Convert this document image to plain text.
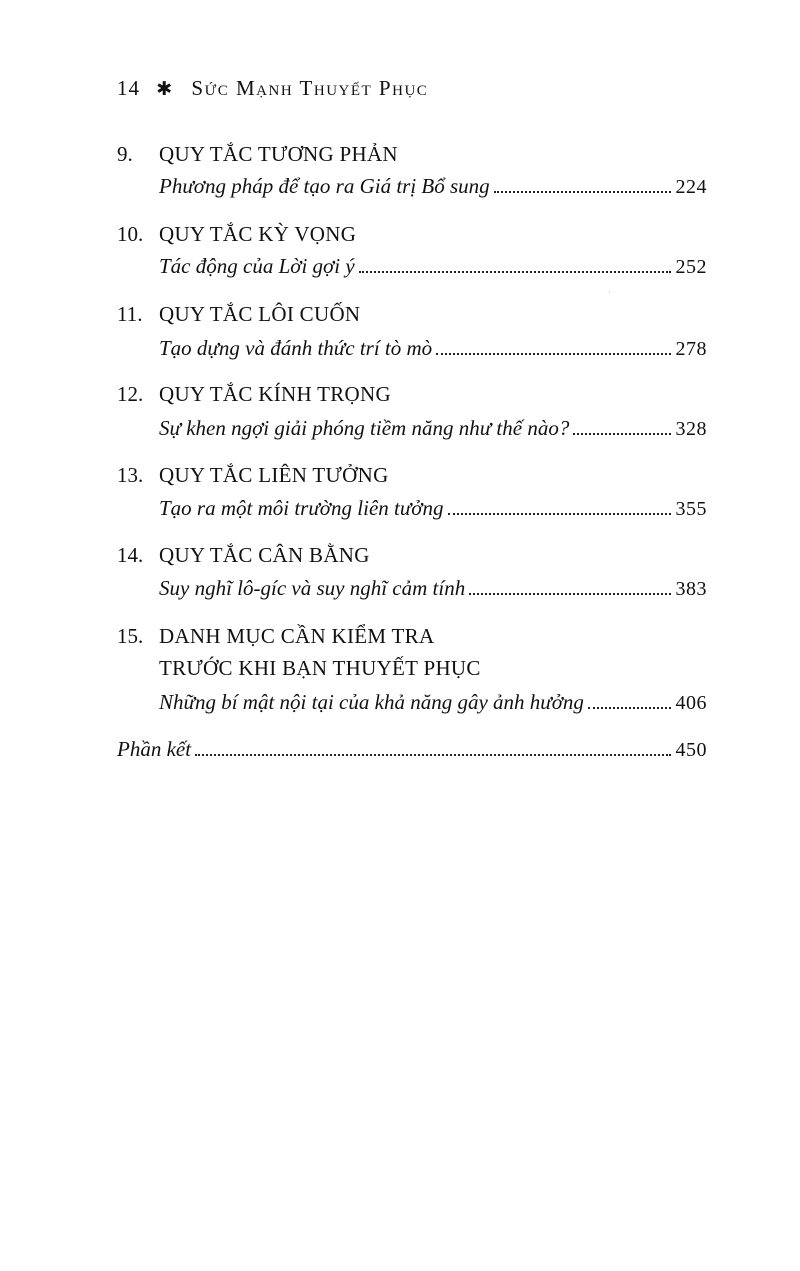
14 ✱ Sức Mạnh Thuyết Phục
9. QUY TẮC TƯƠNG PHẢN
Phương pháp để tạo ra Giá trị Bổ sung	224
10. QUY TẮC KỲ VỌNG
Tác động của Lời gợi ý	252
11. QUY TẮC LÔI CUỐN
Tạo dựng và đánh thức trí tò mò	278
12. QUY TẮC KÍNH TRỌNG
Sự khen ngợi giải phóng tiềm năng như thế nào?	328
13. QUY TẮC LIÊN TƯỞNG
Tạo ra một môi trường liên tưởng	355
14. QUY TẮC CÂN BẰNG
Suy nghĩ lô-gíc và suy nghĩ cảm tính	383
15. DANH MỤC CẦN KIỂM TRA
TRƯỚC KHI BẠN THUYẾT PHỤC
Những bí mật nội tại của khả năng gây ảnh hưởng	406
Phần kết	450
